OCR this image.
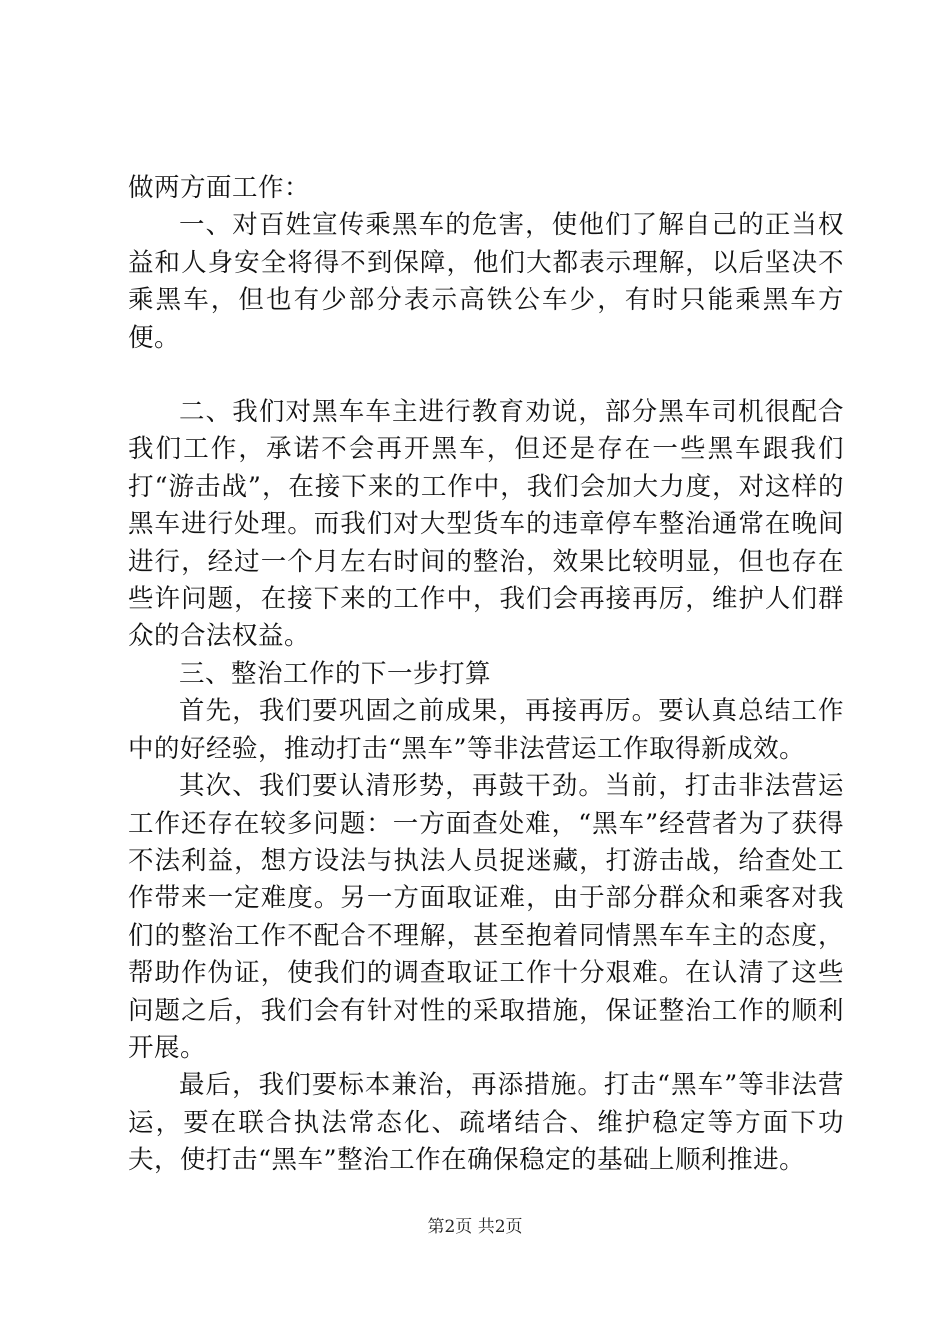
做两方面工作：

一、对百姓宣传乘黑车的危害，使他们了解自己的正当权益和人身安全将得不到保障，他们大都表示理解，以后坚决不乘黑车，但也有少部分表示高铁公车少，有时只能乘黑车方便。

二、我们对黑车车主进行教育劝说，部分黑车司机很配合我们工作，承诺不会再开黑车，但还是存在一些黑车跟我们打“游击战”，在接下来的工作中，我们会加大力度，对这样的黑车进行处理。而我们对大型货车的违章停车整治通常在晚间进行，经过一个月左右时间的整治，效果比较明显，但也存在些许问题，在接下来的工作中，我们会再接再厉，维护人们群众的合法权益。

三、整治工作的下一步打算

首先，我们要巩固之前成果，再接再厉。要认真总结工作中的好经验，推动打击“黑车”等非法营运工作取得新成效。

其次、我们要认清形势，再鼓干劲。当前，打击非法营运工作还存在较多问题：一方面查处难，“黑车”经营者为了获得不法利益，想方设法与执法人员捉迷藏，打游击战，给查处工作带来一定难度。另一方面取证难，由于部分群众和乘客对我们的整治工作不配合不理解，甚至抱着同情黑车车主的态度，帮助作伪证，使我们的调查取证工作十分艰难。在认清了这些问题之后，我们会有针对性的采取措施，保证整治工作的顺利开展。

最后，我们要标本兼治，再添措施。打击“黑车”等非法营运，要在联合执法常态化、疏堵结合、维护稳定等方面下功夫，使打击“黑车”整治工作在确保稳定的基础上顺利推进。

第2页 共2页
